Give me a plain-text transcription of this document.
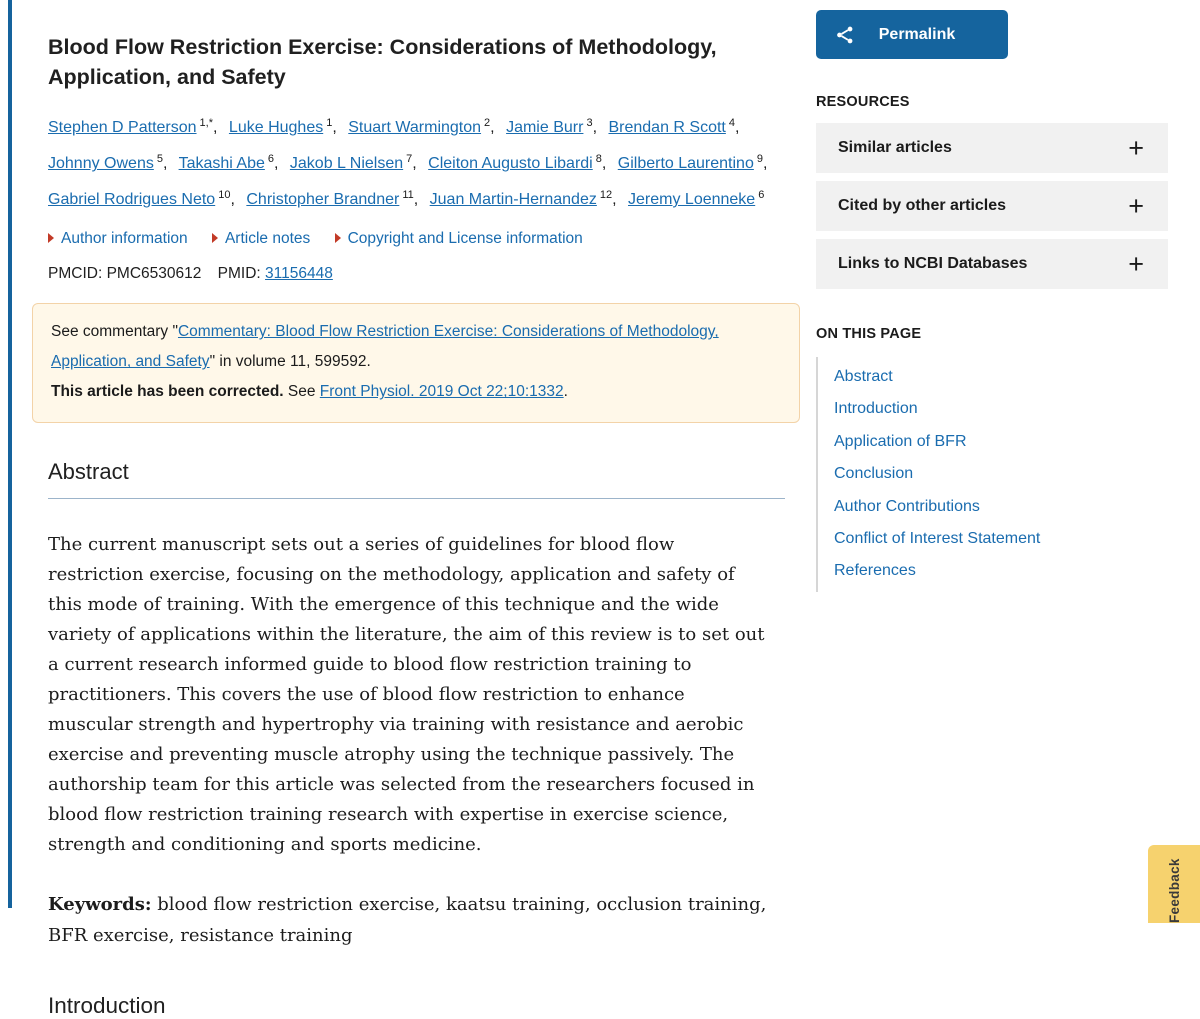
Blood Flow Restriction Exercise: Considerations of Methodology, Application, and Safety
Stephen D Patterson $^{1,*}$, Luke Hughes $^1$, Stuart Warmington $^2$, Jamie Burr $^3$, Brendan R Scott $^4$, Johnny Owens $^5$, Takashi Abe $^6$, Jakob L Nielsen $^7$, Cleiton Augusto Libardi $^8$, Gilberto Laurentino $^9$, Gabriel Rodrigues Neto $^{10}$, Christopher Brandner $^{11}$, Juan Martin-Hernandez $^{12}$, Jeremy Loenneke $^6$
Author information Article notes Copyright and License information
PMCID: PMC6530612 PMID: 31156448

See commentary "Commentary: Blood Flow Restriction Exercise: Considerations of Methodology, Application, and Safety" in volume 11, 599592.

This article has been corrected. See Front Physiol. 2019 Oct 22;10:1332.

Abstract

The current manuscript sets out a series of guidelines for blood flow restriction exercise, focusing on the methodology, application and safety of this mode of training. With the emergence of this technique and the wide variety of applications within the literature, the aim of this review is to set out a current research informed guide to blood flow restriction training to practitioners. This covers the use of blood flow restriction to enhance muscular strength and hypertrophy via training with resistance and aerobic exercise and preventing muscle atrophy using the technique passively. The authorship team for this article was selected from the researchers focused in blood flow restriction training research with expertise in exercise science, strength and conditioning and sports medicine.

Keywords: blood flow restriction exercise, kaatsu training, occlusion training, BFR exercise, resistance training

Introduction
Permalink
RESOURCES
Similar articles	+
Cited by other articles	+
Links to NCBI Databases	+
ON THIS PAGE
Abstract
Introduction
Application of BFR
Conclusion
Author Contributions
Conflict of Interest Statement
References
Feedback
